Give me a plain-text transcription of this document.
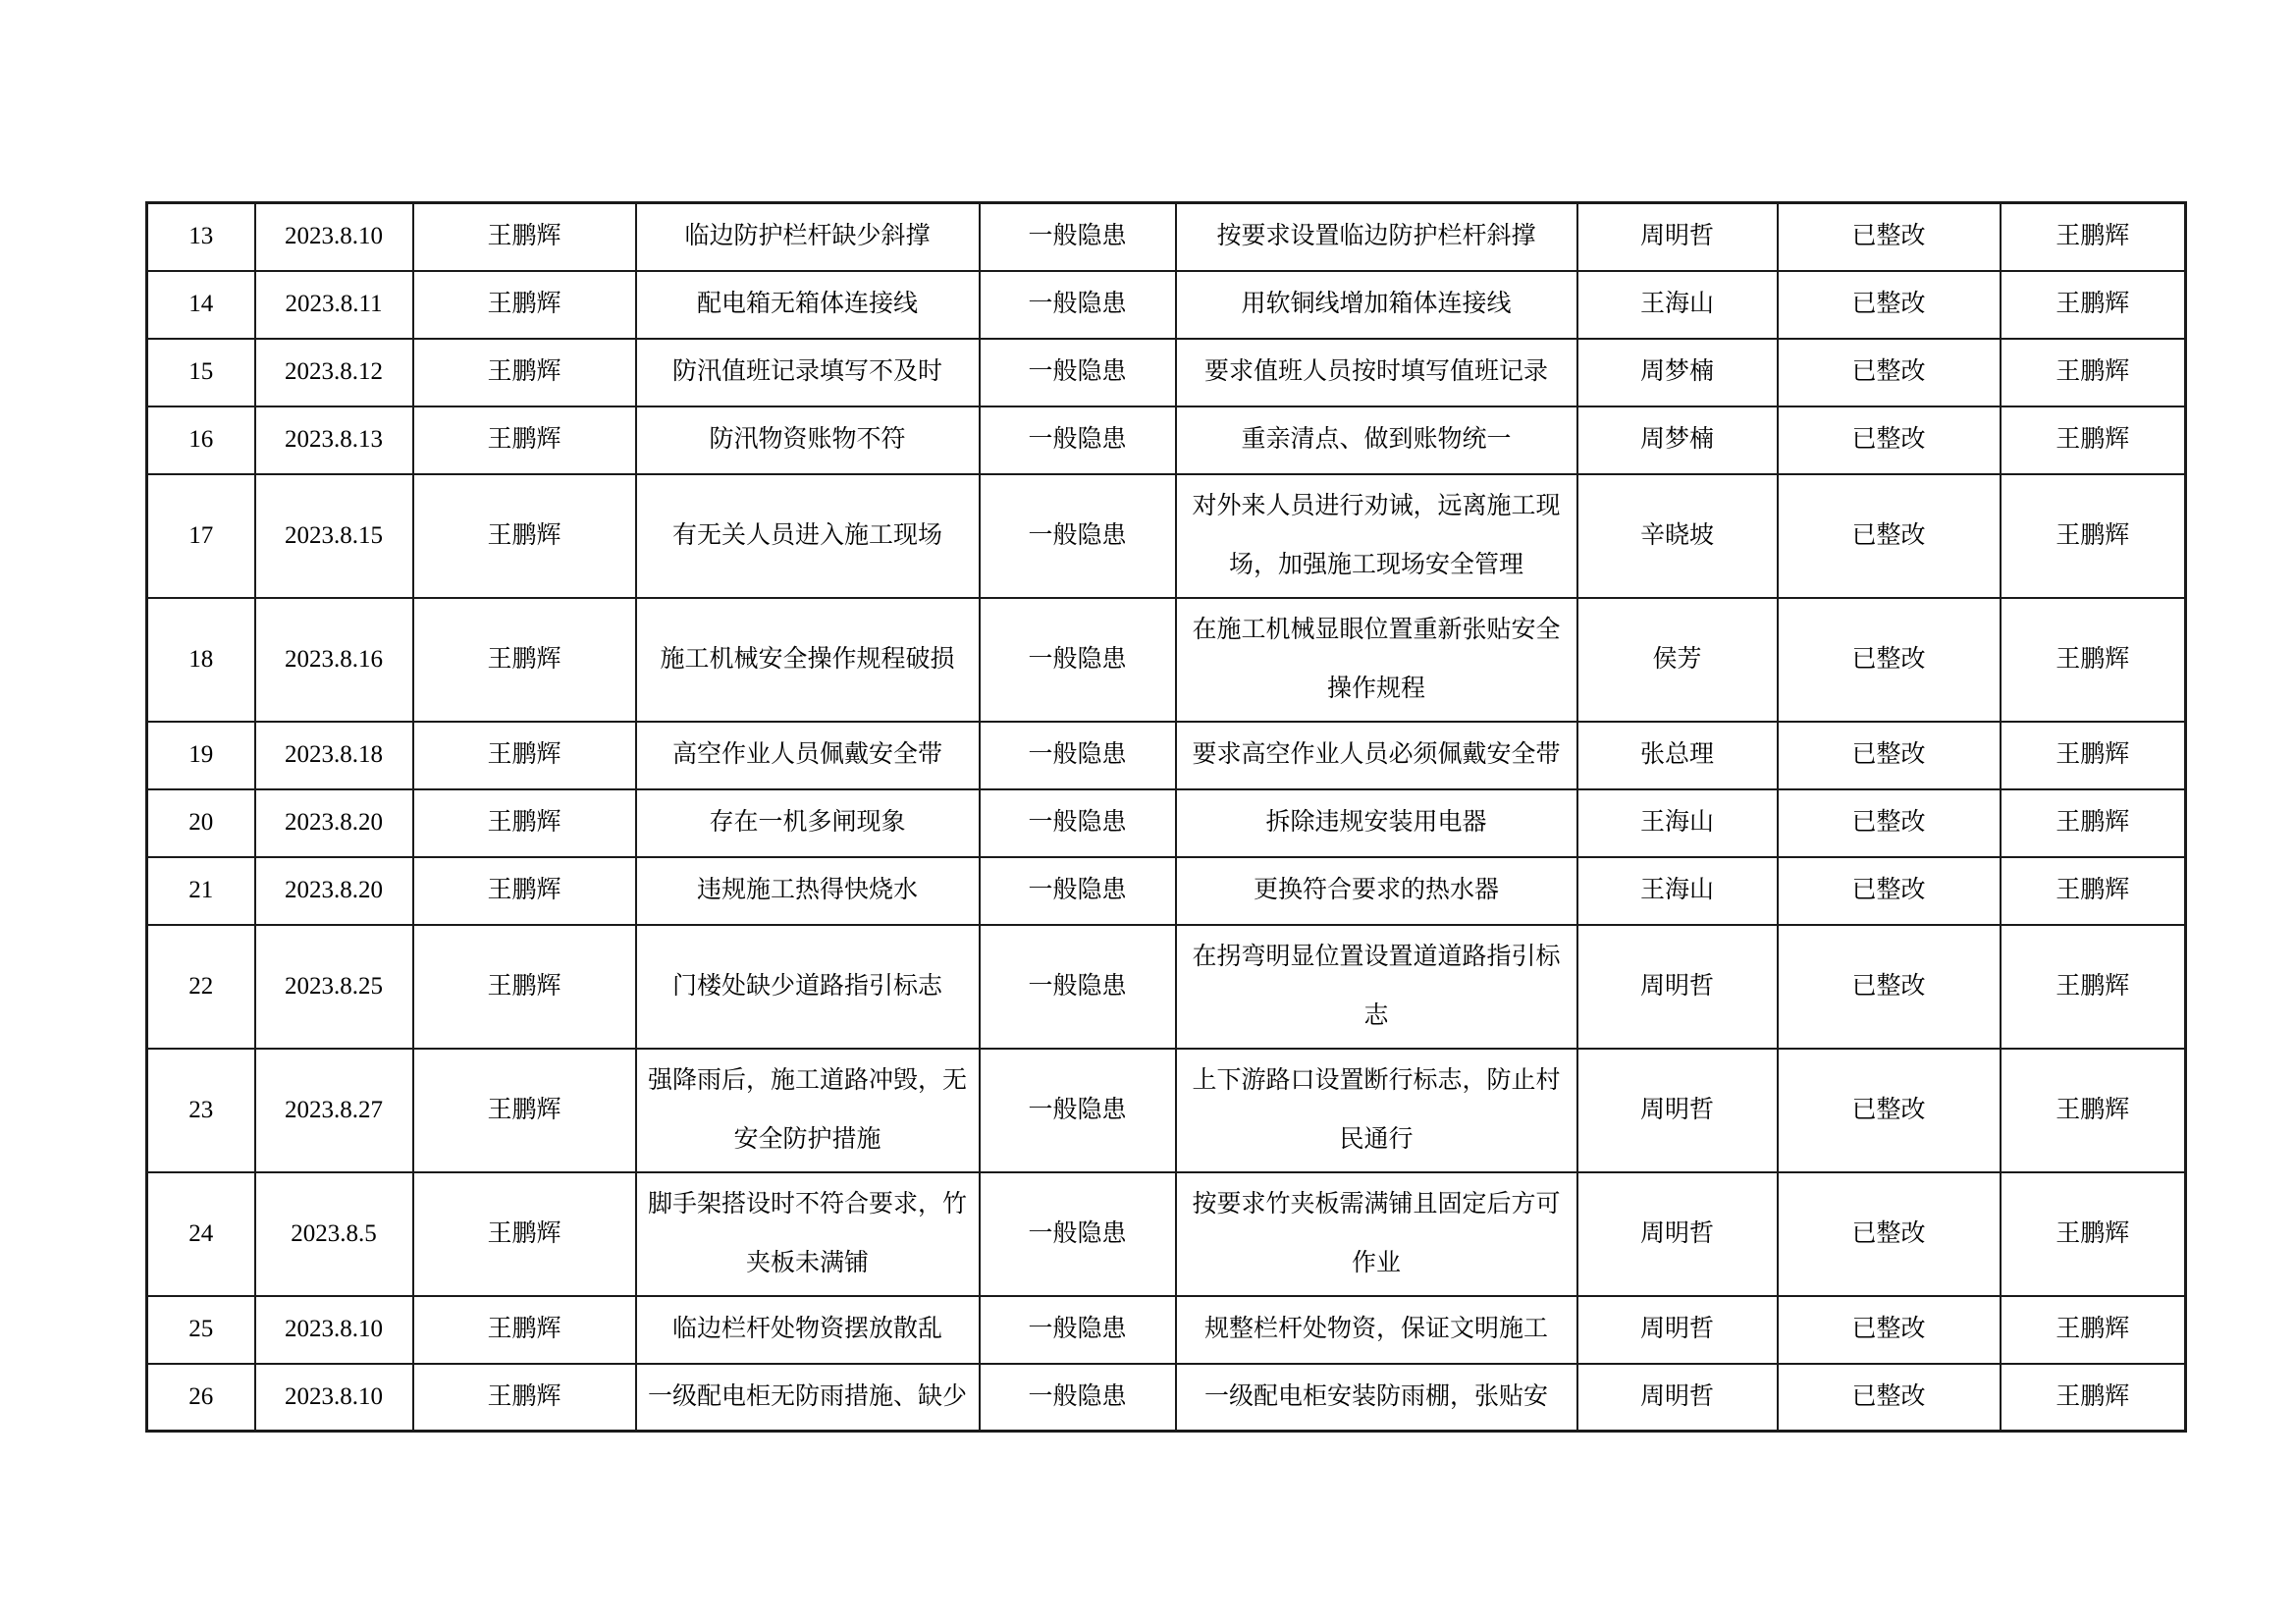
13	2023.8.10	王鹏辉	临边防护栏杆缺少斜撑	一般隐患	按要求设置临边防护栏杆斜撑	周明哲	已整改	王鹏辉
14	2023.8.11	王鹏辉	配电箱无箱体连接线	一般隐患	用软铜线增加箱体连接线	王海山	已整改	王鹏辉
15	2023.8.12	王鹏辉	防汛值班记录填写不及时	一般隐患	要求值班人员按时填写值班记录	周梦楠	已整改	王鹏辉
16	2023.8.13	王鹏辉	防汛物资账物不符	一般隐患	重亲清点、做到账物统一	周梦楠	已整改	王鹏辉
17	2023.8.15	王鹏辉	有无关人员进入施工现场	一般隐患	对外来人员进行劝诫，远离施工现场，加强施工现场安全管理	辛晓坡	已整改	王鹏辉
18	2023.8.16	王鹏辉	施工机械安全操作规程破损	一般隐患	在施工机械显眼位置重新张贴安全操作规程	侯芳	已整改	王鹏辉
19	2023.8.18	王鹏辉	高空作业人员佩戴安全带	一般隐患	要求高空作业人员必须佩戴安全带	张总理	已整改	王鹏辉
20	2023.8.20	王鹏辉	存在一机多闸现象	一般隐患	拆除违规安装用电器	王海山	已整改	王鹏辉
21	2023.8.20	王鹏辉	违规施工热得快烧水	一般隐患	更换符合要求的热水器	王海山	已整改	王鹏辉
22	2023.8.25	王鹏辉	门楼处缺少道路指引标志	一般隐患	在拐弯明显位置设置道道路指引标志	周明哲	已整改	王鹏辉
23	2023.8.27	王鹏辉	强降雨后，施工道路冲毁，无安全防护措施	一般隐患	上下游路口设置断行标志，防止村民通行	周明哲	已整改	王鹏辉
24	2023.8.5	王鹏辉	脚手架搭设时不符合要求，竹夹板未满铺	一般隐患	按要求竹夹板需满铺且固定后方可作业	周明哲	已整改	王鹏辉
25	2023.8.10	王鹏辉	临边栏杆处物资摆放散乱	一般隐患	规整栏杆处物资，保证文明施工	周明哲	已整改	王鹏辉
26	2023.8.10	王鹏辉	一级配电柜无防雨措施、缺少	一般隐患	一级配电柜安装防雨棚，张贴安	周明哲	已整改	王鹏辉
